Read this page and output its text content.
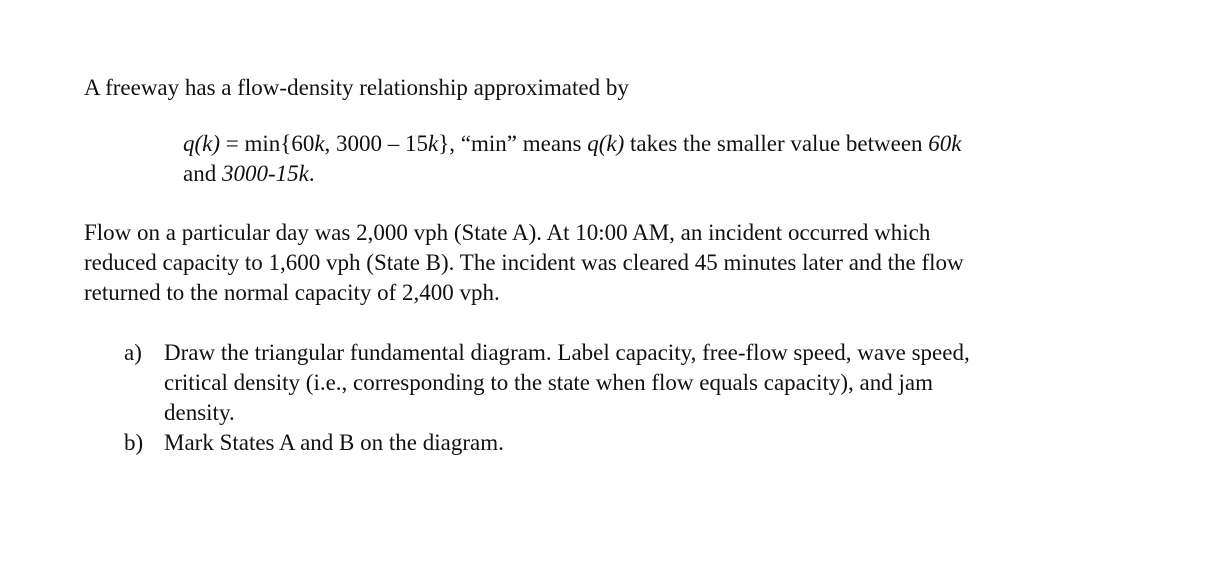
A freeway has a flow-density relationship approximated by

q(k) = min{60k, 3000 – 15k}, “min” means q(k) takes the smaller value between 60k

and 3000-15k.

Flow on a particular day was 2,000 vph (State A). At 10:00 AM, an incident occurred which

reduced capacity to 1,600 vph (State B). The incident was cleared 45 minutes later and the flow

returned to the normal capacity of 2,400 vph.

a) Draw the triangular fundamental diagram. Label capacity, free-flow speed, wave speed,
critical density (i.e., corresponding to the state when flow equals capacity), and jam
density.
b) Mark States A and B on the diagram.
